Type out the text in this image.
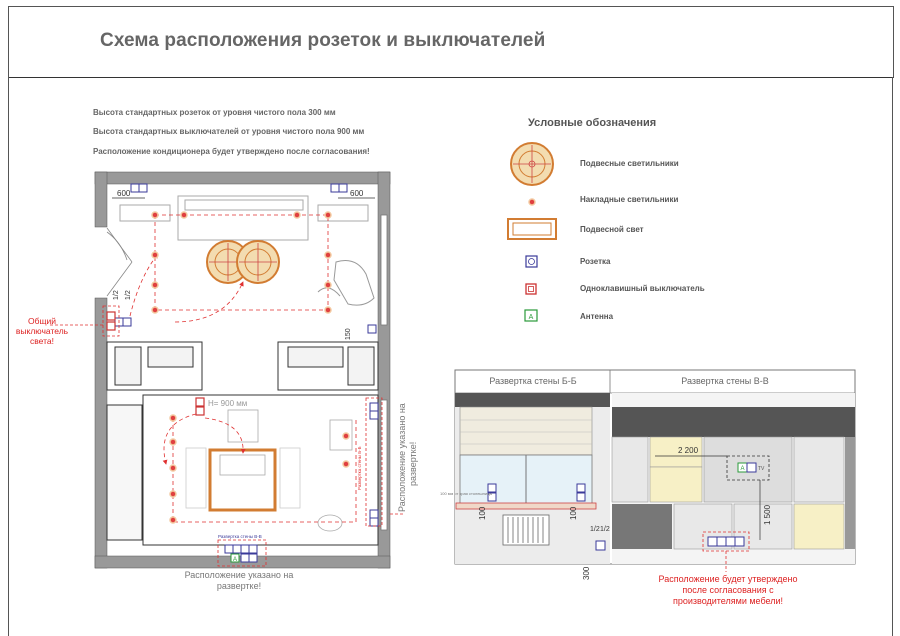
Схема расположения розеток и выключателей
Высота стандартных розеток от уровня чистого пола 300 мм
Высота стандартных выключателей от уровня чистого пола 900 мм
Расположение кондиционера будет утверждено после согласования!
Условные обозначения
A
Подвесные светильники
Накладные светильники
Подвесной свет
Розетка
Одноклавишный выключатель
Антенна
600	600
1/2 1/2
150
H= 900 мм
Развертка стены Б-Б	Расположение указано на развертке!
A
Развертка стены В-В
Расположение указано на
развертке!
Общий
выключатель
света!
Развертка стены Б-Б	Развертка стены В-В
100 мм от края столешницы
100	100
300
1/2 1/2
TV
A
2 200
1 500
Расположение будет утверждено
после согласования с
производителями мебели!
